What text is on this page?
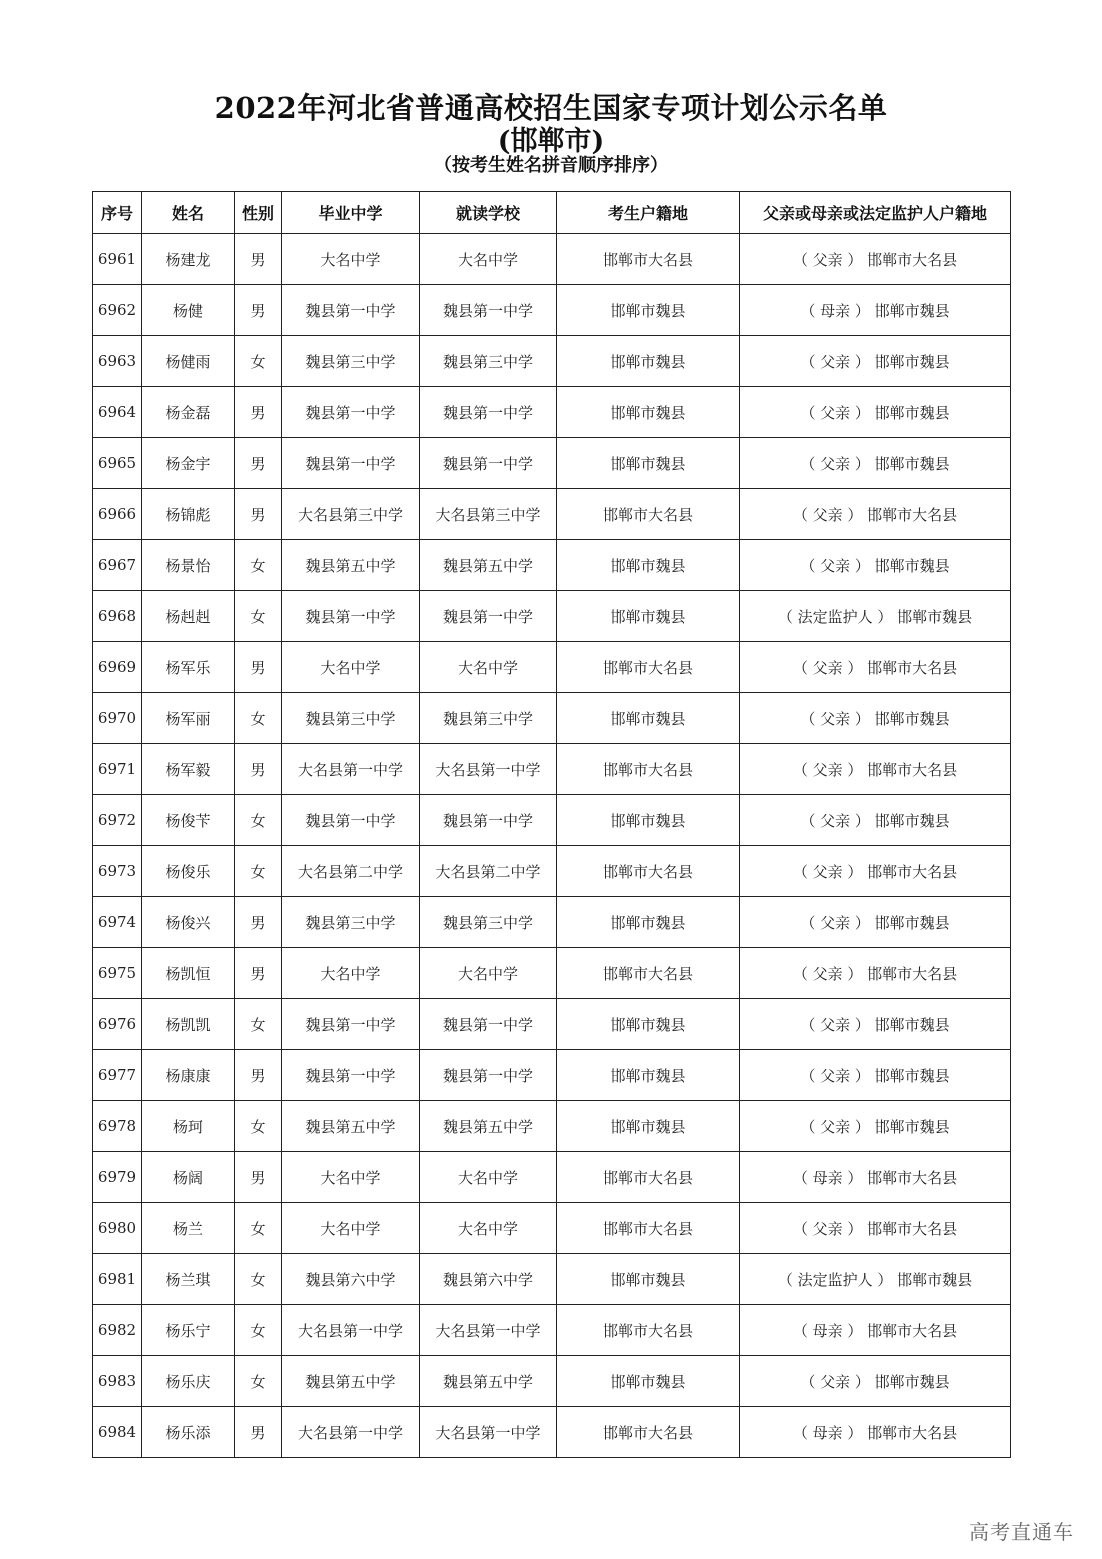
2022年河北省普通高校招生国家专项计划公示名单
(邯郸市)
（按考生姓名拼音顺序排序）
序号	姓名	性别	毕业中学	就读学校	考生户籍地	父亲或母亲或法定监护人户籍地
6961	杨建龙	男	大名中学	大名中学	邯郸市大名县	（ 父亲 ） 邯郸市大名县
6962	杨健	男	魏县第一中学	魏县第一中学	邯郸市魏县	（ 母亲 ） 邯郸市魏县
6963	杨健雨	女	魏县第三中学	魏县第三中学	邯郸市魏县	（ 父亲 ） 邯郸市魏县
6964	杨金磊	男	魏县第一中学	魏县第一中学	邯郸市魏县	（ 父亲 ） 邯郸市魏县
6965	杨金宇	男	魏县第一中学	魏县第一中学	邯郸市魏县	（ 父亲 ） 邯郸市魏县
6966	杨锦彪	男	大名县第三中学	大名县第三中学	邯郸市大名县	（ 父亲 ） 邯郸市大名县
6967	杨景怡	女	魏县第五中学	魏县第五中学	邯郸市魏县	（ 父亲 ） 邯郸市魏县
6968	杨赳赳	女	魏县第一中学	魏县第一中学	邯郸市魏县	（ 法定监护人 ） 邯郸市魏县
6969	杨军乐	男	大名中学	大名中学	邯郸市大名县	（ 父亲 ） 邯郸市大名县
6970	杨军丽	女	魏县第三中学	魏县第三中学	邯郸市魏县	（ 父亲 ） 邯郸市魏县
6971	杨军毅	男	大名县第一中学	大名县第一中学	邯郸市大名县	（ 父亲 ） 邯郸市大名县
6972	杨俊苄	女	魏县第一中学	魏县第一中学	邯郸市魏县	（ 父亲 ） 邯郸市魏县
6973	杨俊乐	女	大名县第二中学	大名县第二中学	邯郸市大名县	（ 父亲 ） 邯郸市大名县
6974	杨俊兴	男	魏县第三中学	魏县第三中学	邯郸市魏县	（ 父亲 ） 邯郸市魏县
6975	杨凯恒	男	大名中学	大名中学	邯郸市大名县	（ 父亲 ） 邯郸市大名县
6976	杨凯凯	女	魏县第一中学	魏县第一中学	邯郸市魏县	（ 父亲 ） 邯郸市魏县
6977	杨康康	男	魏县第一中学	魏县第一中学	邯郸市魏县	（ 父亲 ） 邯郸市魏县
6978	杨珂	女	魏县第五中学	魏县第五中学	邯郸市魏县	（ 父亲 ） 邯郸市魏县
6979	杨阔	男	大名中学	大名中学	邯郸市大名县	（ 母亲 ） 邯郸市大名县
6980	杨兰	女	大名中学	大名中学	邯郸市大名县	（ 父亲 ） 邯郸市大名县
6981	杨兰琪	女	魏县第六中学	魏县第六中学	邯郸市魏县	（ 法定监护人 ） 邯郸市魏县
6982	杨乐宁	女	大名县第一中学	大名县第一中学	邯郸市大名县	（ 母亲 ） 邯郸市大名县
6983	杨乐庆	女	魏县第五中学	魏县第五中学	邯郸市魏县	（ 父亲 ） 邯郸市魏县
6984	杨乐添	男	大名县第一中学	大名县第一中学	邯郸市大名县	（ 母亲 ） 邯郸市大名县
高考直通车
